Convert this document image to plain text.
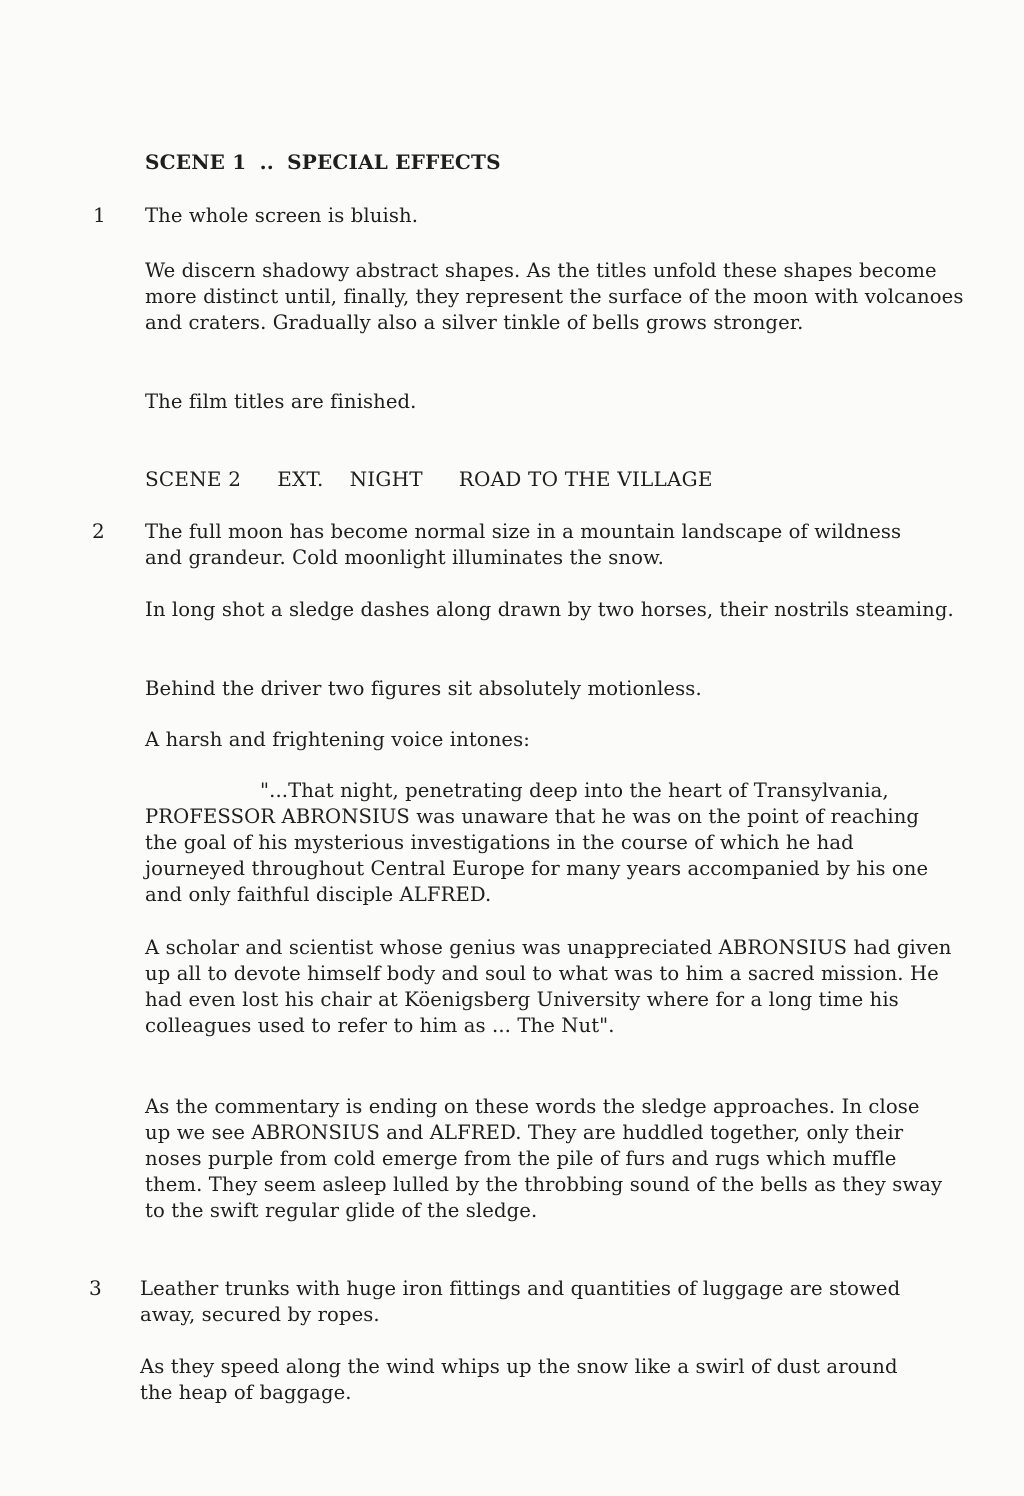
SCENE 1 .. SPECIAL EFFECTS
1 The whole screen is bluish.

We discern shadowy abstract shapes. As the titles unfold these shapes become more distinct until, finally, they represent the surface of the moon with volcanoes and craters. Gradually also a silver tinkle of bells grows stronger.

The film titles are finished.

SCENE 2 EXT. NIGHT ROAD TO THE VILLAGE
2 The full moon has become normal size in a mountain landscape of wildness and grandeur. Cold moonlight illuminates the snow.

In long shot a sledge dashes along drawn by two horses, their nostrils steaming.

Behind the driver two figures sit absolutely motionless.

A harsh and frightening voice intones:

"...That night, penetrating deep into the heart of Transylvania, PROFESSOR ABRONSIUS was unaware that he was on the point of reaching the goal of his mysterious investigations in the course of which he had journeyed throughout Central Europe for many years accompanied by his one and only faithful disciple ALFRED.

A scholar and scientist whose genius was unappreciated ABRONSIUS had given up all to devote himself body and soul to what was to him a sacred mission. He had even lost his chair at Köenigsberg University where for a long time his colleagues used to refer to him as ... The Nut".

As the commentary is ending on these words the sledge approaches. In close up we see ABRONSIUS and ALFRED. They are huddled together, only their noses purple from cold emerge from the pile of furs and rugs which muffle them. They seem asleep lulled by the throbbing sound of the bells as they sway to the swift regular glide of the sledge.

3 Leather trunks with huge iron fittings and quantities of luggage are stowed away, secured by ropes.

As they speed along the wind whips up the snow like a swirl of dust around the heap of baggage.
